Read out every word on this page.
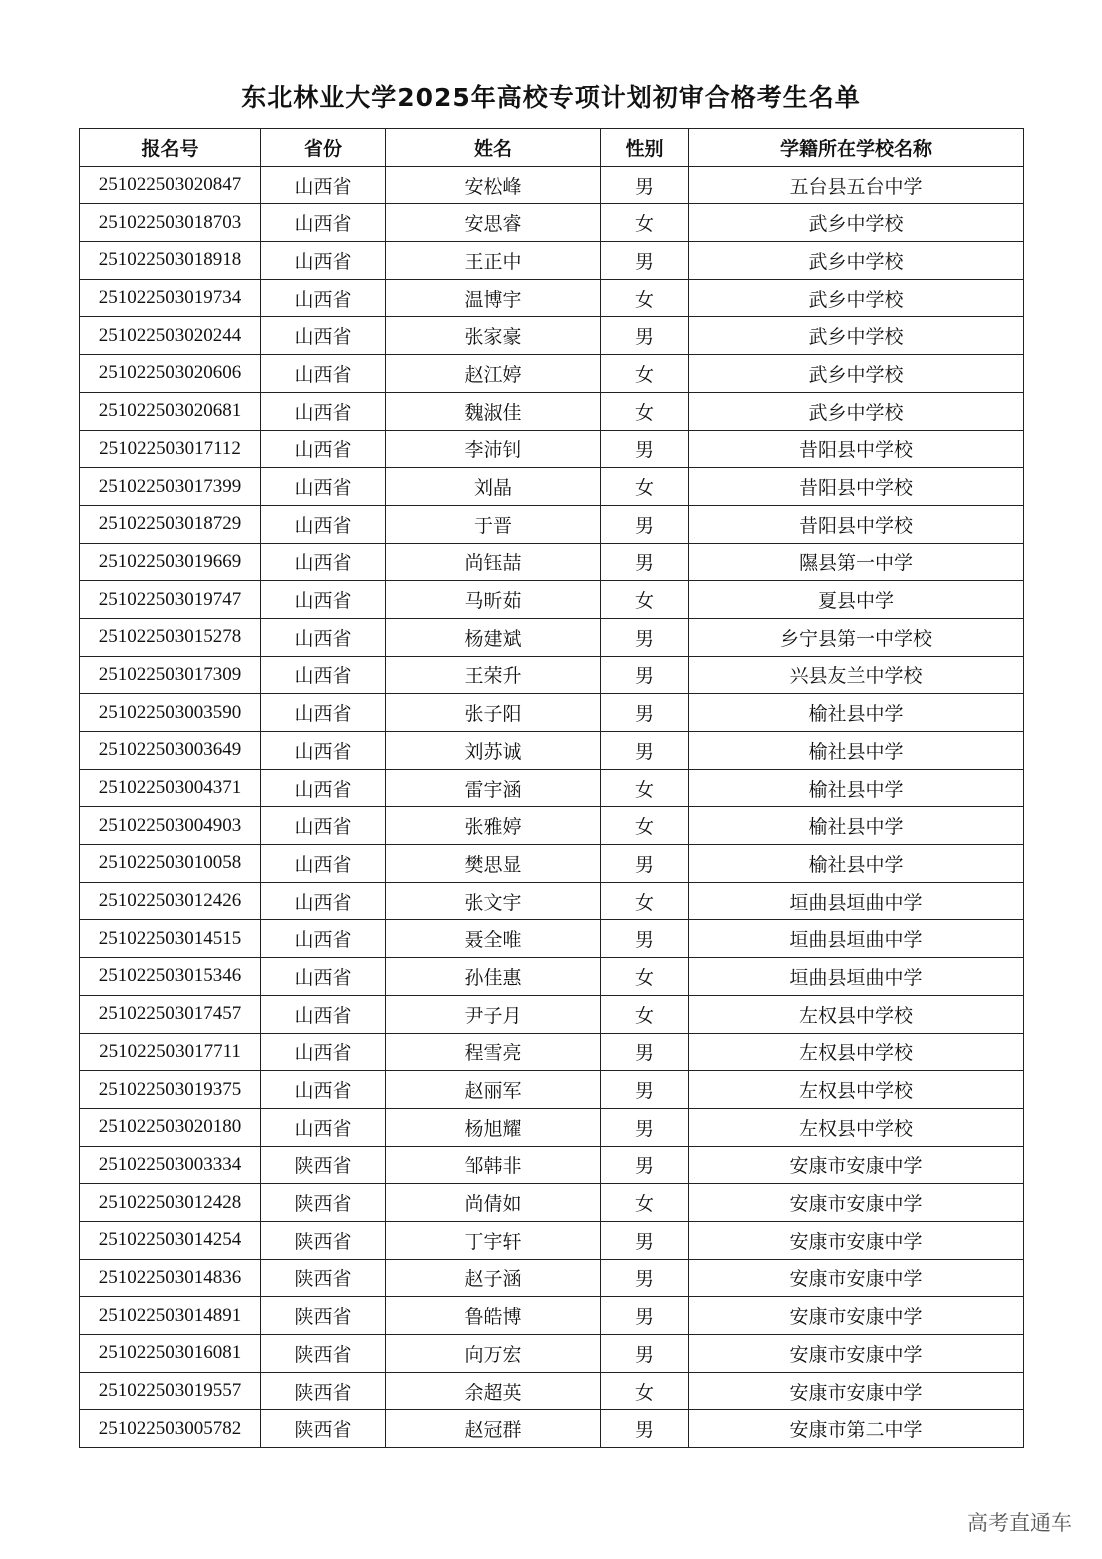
东北林业大学2025年高校专项计划初审合格考生名单
报名号	省份	姓名	性别	学籍所在学校名称
251022503020847	山西省	安松峰	男	五台县五台中学
251022503018703	山西省	安思睿	女	武乡中学校
251022503018918	山西省	王正中	男	武乡中学校
251022503019734	山西省	温博宇	女	武乡中学校
251022503020244	山西省	张家豪	男	武乡中学校
251022503020606	山西省	赵江婷	女	武乡中学校
251022503020681	山西省	魏淑佳	女	武乡中学校
251022503017112	山西省	李沛钊	男	昔阳县中学校
251022503017399	山西省	刘晶	女	昔阳县中学校
251022503018729	山西省	于晋	男	昔阳县中学校
251022503019669	山西省	尚钰喆	男	隰县第一中学
251022503019747	山西省	马昕茹	女	夏县中学
251022503015278	山西省	杨建斌	男	乡宁县第一中学校
251022503017309	山西省	王荣升	男	兴县友兰中学校
251022503003590	山西省	张子阳	男	榆社县中学
251022503003649	山西省	刘苏诚	男	榆社县中学
251022503004371	山西省	雷宇涵	女	榆社县中学
251022503004903	山西省	张雅婷	女	榆社县中学
251022503010058	山西省	樊思显	男	榆社县中学
251022503012426	山西省	张文宇	女	垣曲县垣曲中学
251022503014515	山西省	聂全唯	男	垣曲县垣曲中学
251022503015346	山西省	孙佳惠	女	垣曲县垣曲中学
251022503017457	山西省	尹子月	女	左权县中学校
251022503017711	山西省	程雪亮	男	左权县中学校
251022503019375	山西省	赵丽军	男	左权县中学校
251022503020180	山西省	杨旭耀	男	左权县中学校
251022503003334	陕西省	邹韩非	男	安康市安康中学
251022503012428	陕西省	尚倩如	女	安康市安康中学
251022503014254	陕西省	丁宇轩	男	安康市安康中学
251022503014836	陕西省	赵子涵	男	安康市安康中学
251022503014891	陕西省	鲁皓博	男	安康市安康中学
251022503016081	陕西省	向万宏	男	安康市安康中学
251022503019557	陕西省	余超英	女	安康市安康中学
251022503005782	陕西省	赵冠群	男	安康市第二中学
高考直通车
